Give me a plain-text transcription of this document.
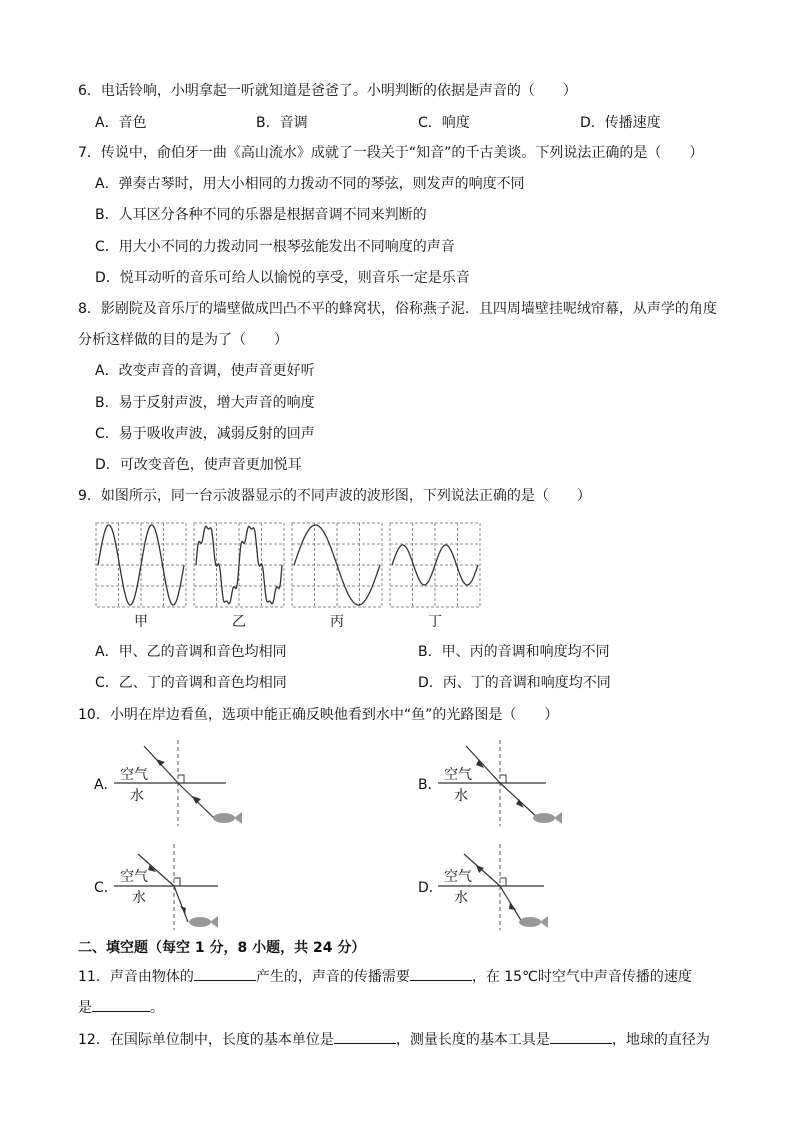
6．电话铃响，小明拿起一听就知道是爸爸了。小明判断的依据是声音的（　　）
A．音色	B．音调	C．响度	D．传播速度
7．传说中，俞伯牙一曲《高山流水》成就了一段关于“知音”的千古美谈。下列说法正确的是（　　）
A．弹奏古琴时，用大小相同的力拨动不同的琴弦，则发声的响度不同
B．人耳区分各种不同的乐器是根据音调不同来判断的
C．用大小不同的力拨动同一根琴弦能发出不同响度的声音
D．悦耳动听的音乐可给人以愉悦的享受，则音乐一定是乐音
8．影剧院及音乐厅的墙壁做成凹凸不平的蜂窝状，俗称燕子泥．且四周墙壁挂呢绒帘幕，从声学的角度
分析这样做的目的是为了（　　）
A．改变声音的音调，使声音更好听
B．易于反射声波，增大声音的响度
C．易于吸收声波，减弱反射的回声
D．可改变音色，使声音更加悦耳
9．如图所示，同一台示波器显示的不同声波的波形图，下列说法正确的是（　　）
甲	乙	丙	丁
A．甲、乙的音调和音色均相同	B．甲、丙的音调和响度均不同
C．乙、丁的音调和音色均相同	D．丙、丁的音调和响度均不同
10．小明在岸边看鱼，选项中能正确反映他看到水中“鱼”的光路图是（　　）
A．
空气
水
B．
空气
水
C．
空气
水
D．
空气
水
二、填空题（每空 1 分，8 小题，共 24 分）
11．声音由物体的	产生的，声音的传播需要	，在 15℃时空气中声音传播的速度
是	。
12．在国际单位制中，长度的基本单位是	，测量长度的基本工具是	，地球的直径为
